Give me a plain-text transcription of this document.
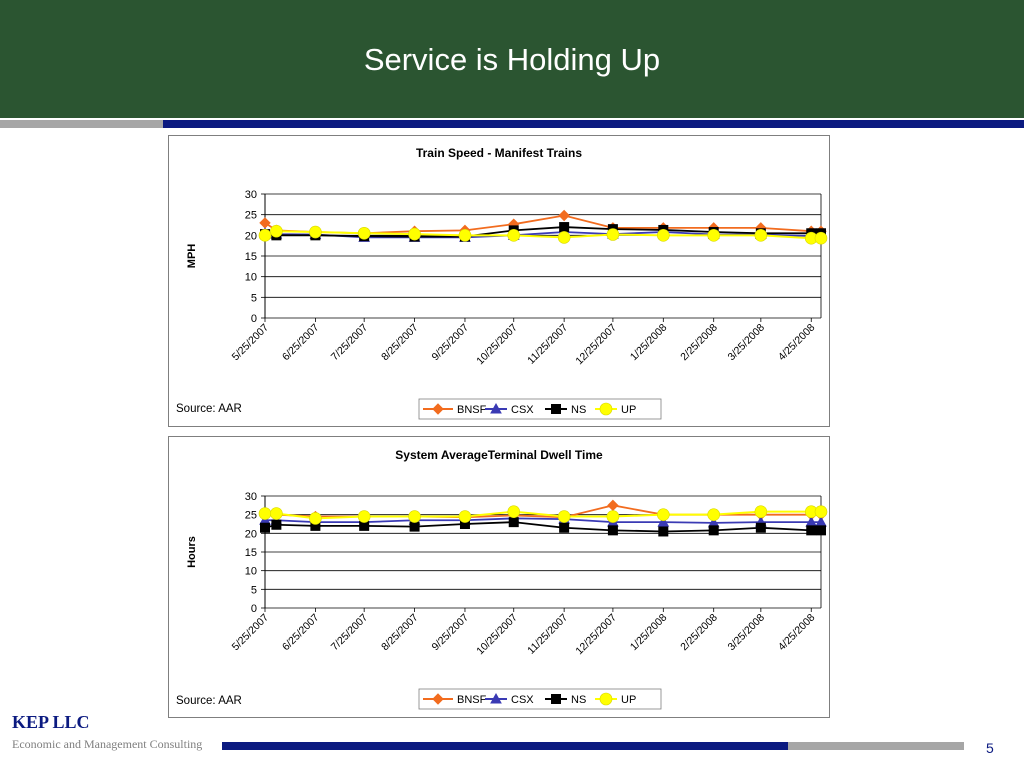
Service is Holding Up
Train Speed - Manifest Trains
0
5
10
15
20
25
30
MPH
5/25/2007 6/25/2007 7/25/2007 8/25/2007 9/25/2007 10/25/2007 11/25/2007 12/25/2007 1/25/2008 2/25/2008 3/25/2008 4/25/2008
Source: AAR	BNSF CSX	NS	UP
System AverageTerminal Dwell Time
0
5
10
15
20
25
30
Hours
5/25/2007 6/25/2007 7/25/2007 8/25/2007 9/25/2007 10/25/2007 11/25/2007 12/25/2007 1/25/2008 2/25/2008 3/25/2008 4/25/2008
Source: AAR	BNSF CSX	NS	UP
KEP LLC
Economic and Management Consulting	5
